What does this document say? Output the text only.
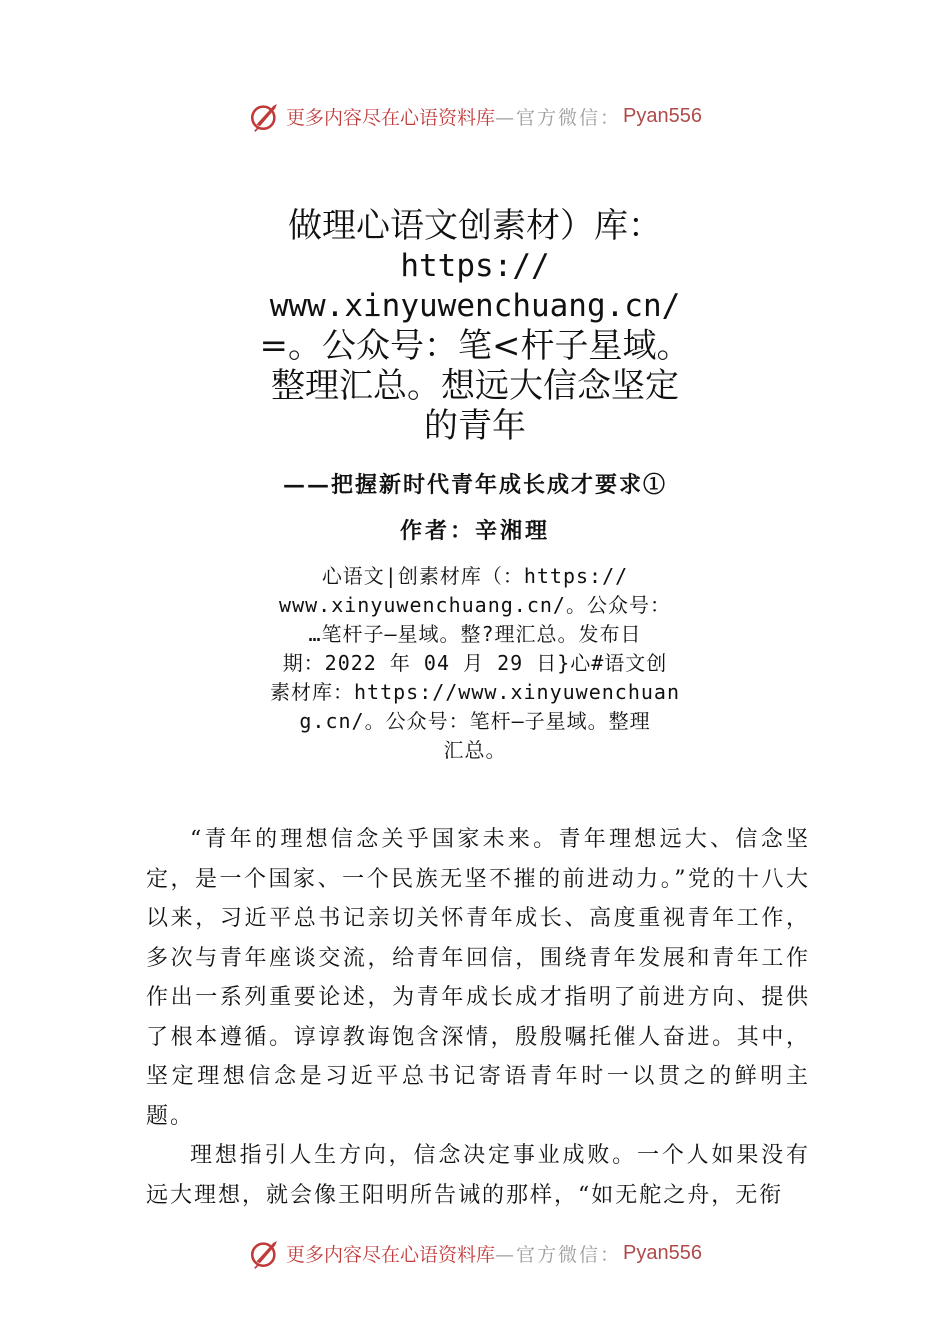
更多内容尽在心语资料库 —官方微信： Pyan556
做理心语文创素材）库：
https://
www.xinyuwenchuang.cn/
=。公众号：笔<杆子星域。
整理汇总。想远大信念坚定
的青年
——把握新时代青年成长成才要求①
作者：辛湘理
心语文|创素材库（：https://
www.xinyuwenchuang.cn/。公众号：
…笔杆子—星域。整?理汇总。发布日
期：2022 年 04 月 29 日}心#语文创
素材库：https://www.xinyuwenchuan
g.cn/。公众号：笔杆—子星域。整理
汇总。

“青年的理想信念关乎国家未来。青年理想远大、信念坚定，是一个国家、一个民族无坚不摧的前进动力。”党的十八大以来，习近平总书记亲切关怀青年成长、高度重视青年工作，多次与青年座谈交流，给青年回信，围绕青年发展和青年工作作出一系列重要论述，为青年成长成才指明了前进方向、提供了根本遵循。谆谆教诲饱含深情，殷殷嘱托催人奋进。其中，坚定理想信念是习近平总书记寄语青年时一以贯之的鲜明主题。

理想指引人生方向，信念决定事业成败。一个人如果没有远大理想，就会像王阳明所告诫的那样，“如无舵之舟，无衔

更多内容尽在心语资料库 —官方微信： Pyan556
